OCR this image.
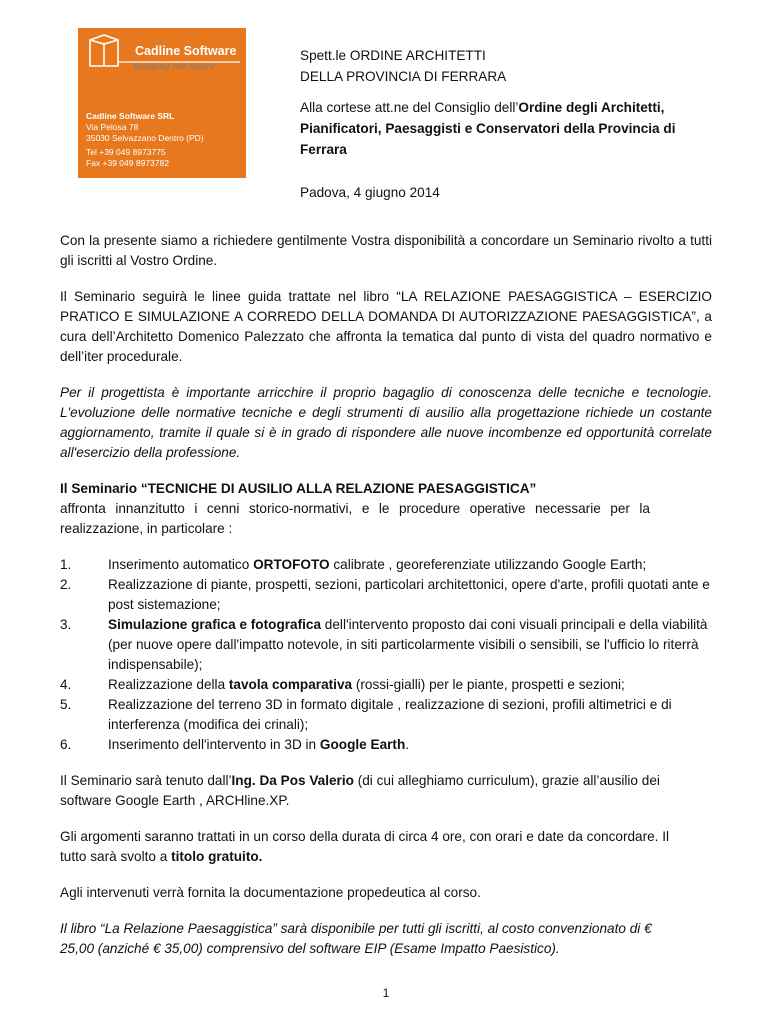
Cadline Software
Building the future
Cadline Software SRL
Via Pelosa 78
35030 Selvazzano Dentro (PD)
Tel +39 049 8973775
Fax +39 049 8973782
Spett.le ORDINE ARCHITETTI
DELLA PROVINCIA DI FERRARA
Alla cortese att.ne del Consiglio dell’Ordine degli Architetti, Pianificatori, Paesaggisti e Conservatori della Provincia di Ferrara
Padova, 4 giugno 2014
Con la presente siamo a richiedere gentilmente Vostra disponibilità a concordare un Seminario rivolto a tutti gli iscritti al Vostro Ordine.
Il Seminario seguirà le linee guida trattate nel libro “LA RELAZIONE PAESAGGISTICA – ESERCIZIO PRATICO E SIMULAZIONE A CORREDO DELLA DOMANDA DI AUTORIZZAZIONE PAESAGGISTICA”, a cura dell’Architetto Domenico Palezzato che affronta la tematica dal punto di vista del quadro normativo e dell’iter procedurale.
Per il progettista è importante arricchire il proprio bagaglio di conoscenza delle tecniche e tecnologie. L'evoluzione delle normative tecniche e degli strumenti di ausilio alla progettazione richiede un costante aggiornamento, tramite il quale si è in grado di rispondere alle nuove incombenze ed opportunità correlate all'esercizio della professione.
Il Seminario “TECNICHE DI AUSILIO ALLA RELAZIONE PAESAGGISTICA”
affronta innanzitutto i cenni storico-normativi, e le procedure operative necessarie per la realizzazione, in particolare :
1.	Inserimento automatico ORTOFOTO calibrate , georeferenziate utilizzando Google Earth;
2.	Realizzazione di piante, prospetti, sezioni, particolari architettonici, opere d'arte, profili quotati ante e post sistemazione;
3.	Simulazione grafica e fotografica dell'intervento proposto dai coni visuali principali e della viabilità (per nuove opere dall'impatto notevole, in siti particolarmente visibili o sensibili, se l'ufficio lo riterrà indispensabile);
4.	Realizzazione della tavola comparativa (rossi-gialli) per le piante, prospetti e sezioni;
5.	Realizzazione del terreno 3D in formato digitale , realizzazione di sezioni, profili altimetrici e di interferenza (modifica dei crinali);
6.	Inserimento dell'intervento in 3D in Google Earth.
Il Seminario sarà tenuto dall’Ing. Da Pos Valerio (di cui alleghiamo curriculum), grazie all’ausilio dei software Google Earth , ARCHline.XP.
Gli argomenti saranno trattati in un corso della durata di circa 4 ore, con orari e date da concordare. Il tutto sarà svolto a titolo gratuito.
Agli intervenuti verrà fornita la documentazione propedeutica al corso.
Il libro “La Relazione Paesaggistica” sarà disponibile per tutti gli iscritti, al costo convenzionato di € 25,00 (anziché € 35,00) comprensivo del software EIP (Esame Impatto Paesistico).
1
